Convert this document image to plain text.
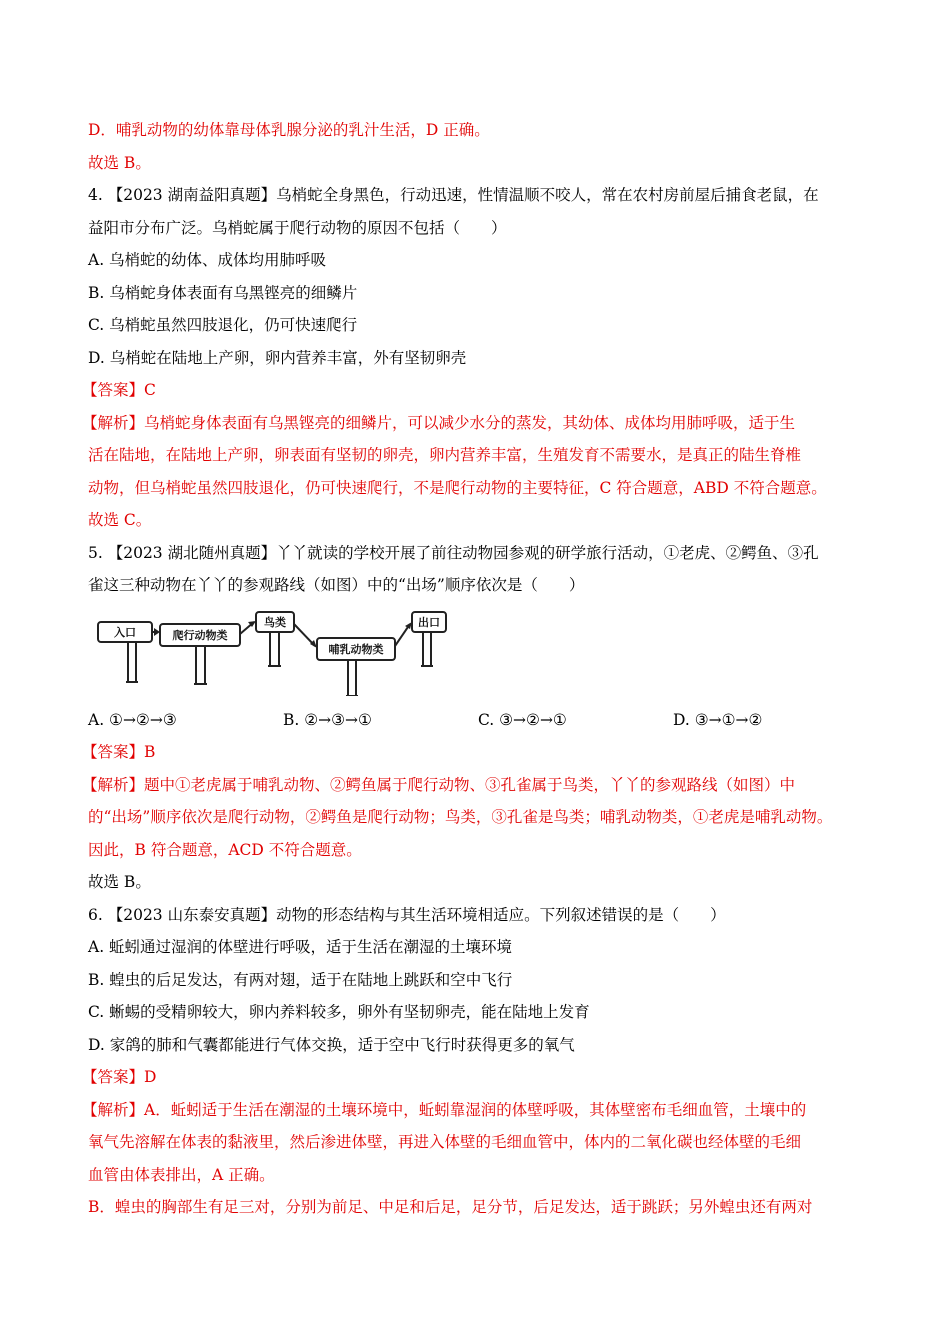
D．哺乳动物的幼体靠母体乳腺分泌的乳汁生活，D 正确。
故选 B。
4. 【2023 湖南益阳真题】乌梢蛇全身黑色，行动迅速，性情温顺不咬人，常在农村房前屋后捕食老鼠，在
益阳市分布广泛。乌梢蛇属于爬行动物的原因不包括（　　）
A. 乌梢蛇的幼体、成体均用肺呼吸
B. 乌梢蛇身体表面有乌黑铿亮的细鳞片
C. 乌梢蛇虽然四肢退化，仍可快速爬行
D. 乌梢蛇在陆地上产卵，卵内营养丰富，外有坚韧卵壳
【答案】C
【解析】乌梢蛇身体表面有乌黑铿亮的细鳞片，可以减少水分的蒸发，其幼体、成体均用肺呼吸，适于生
活在陆地，在陆地上产卵，卵表面有坚韧的卵壳，卵内营养丰富，生殖发育不需要水，是真正的陆生脊椎
动物，但乌梢蛇虽然四肢退化，仍可快速爬行，不是爬行动物的主要特征，C 符合题意，ABD 不符合题意。
故选 C。
5. 【2023 湖北随州真题】丫丫就读的学校开展了前往动物园参观的研学旅行活动，①老虎、②鳄鱼、③孔
雀这三种动物在丫丫的参观路线（如图）中的“出场”顺序依次是（　　）
入口	爬行动物类
鸟类
哺乳动物类
出口
A. ①→②→③	B. ②→③→①	C. ③→②→①	D. ③→①→②
【答案】B
【解析】题中①老虎属于哺乳动物、②鳄鱼属于爬行动物、③孔雀属于鸟类，丫丫的参观路线（如图）中
的“出场”顺序依次是爬行动物，②鳄鱼是爬行动物；鸟类，③孔雀是鸟类；哺乳动物类，①老虎是哺乳动物。
因此，B 符合题意，ACD 不符合题意。
故选 B。
6. 【2023 山东泰安真题】动物的形态结构与其生活环境相适应。下列叙述错误的是（　　）
A. 蚯蚓通过湿润的体壁进行呼吸，适于生活在潮湿的土壤环境
B. 蝗虫的后足发达，有两对翅，适于在陆地上跳跃和空中飞行
C. 蜥蜴的受精卵较大，卵内养料较多，卵外有坚韧卵壳，能在陆地上发育
D. 家鸽的肺和气囊都能进行气体交换，适于空中飞行时获得更多的氧气
【答案】D
【解析】A．蚯蚓适于生活在潮湿的土壤环境中，蚯蚓靠湿润的体壁呼吸，其体壁密布毛细血管，土壤中的
氧气先溶解在体表的黏液里，然后渗进体壁，再进入体壁的毛细血管中，体内的二氧化碳也经体壁的毛细
血管由体表排出，A 正确。
B．蝗虫的胸部生有足三对，分别为前足、中足和后足，足分节，后足发达，适于跳跃；另外蝗虫还有两对
